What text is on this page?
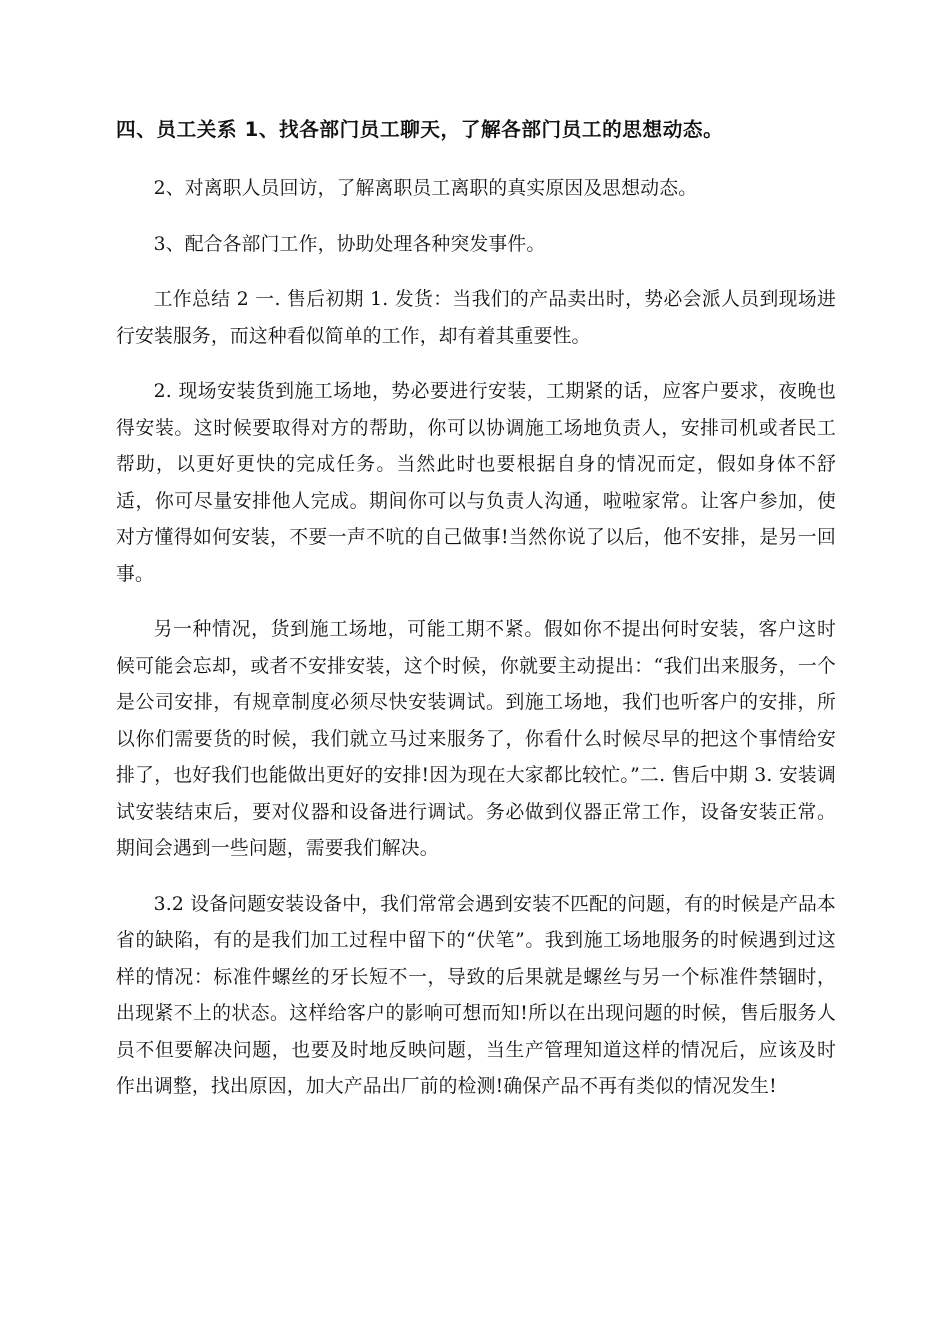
四、员工关系 1、找各部门员工聊天，了解各部门员工的思想动态。

2、对离职人员回访，了解离职员工离职的真实原因及思想动态。

3、配合各部门工作，协助处理各种突发事件。

工作总结 2 一. 售后初期 1. 发货：当我们的产品卖出时，势必会派人员到现场进行安装服务，而这种看似简单的工作，却有着其重要性。

2. 现场安装货到施工场地，势必要进行安装，工期紧的话，应客户要求，夜晚也得安装。这时候要取得对方的帮助，你可以协调施工场地负责人，安排司机或者民工帮助，以更好更快的完成任务。当然此时也要根据自身的情况而定，假如身体不舒适，你可尽量安排他人完成。期间你可以与负责人沟通，啦啦家常。让客户参加，使对方懂得如何安装，不要一声不吭的自己做事!当然你说了以后，他不安排，是另一回事。

另一种情况，货到施工场地，可能工期不紧。假如你不提出何时安装，客户这时候可能会忘却，或者不安排安装，这个时候，你就要主动提出：“我们出来服务，一个是公司安排，有规章制度必须尽快安装调试。到施工场地，我们也听客户的安排，所以你们需要货的时候，我们就立马过来服务了，你看什么时候尽早的把这个事情给安排了，也好我们也能做出更好的安排!因为现在大家都比较忙。”二. 售后中期 3. 安装调试安装结束后，要对仪器和设备进行调试。务必做到仪器正常工作，设备安装正常。期间会遇到一些问题，需要我们解决。

3.2 设备问题安装设备中，我们常常会遇到安装不匹配的问题，有的时候是产品本省的缺陷，有的是我们加工过程中留下的“伏笔”。我到施工场地服务的时候遇到过这样的情况：标准件螺丝的牙长短不一，导致的后果就是螺丝与另一个标准件禁锢时，出现紧不上的状态。这样给客户的影响可想而知!所以在出现问题的时候，售后服务人员不但要解决问题，也要及时地反映问题，当生产管理知道这样的情况后，应该及时作出调整，找出原因，加大产品出厂前的检测!确保产品不再有类似的情况发生!
